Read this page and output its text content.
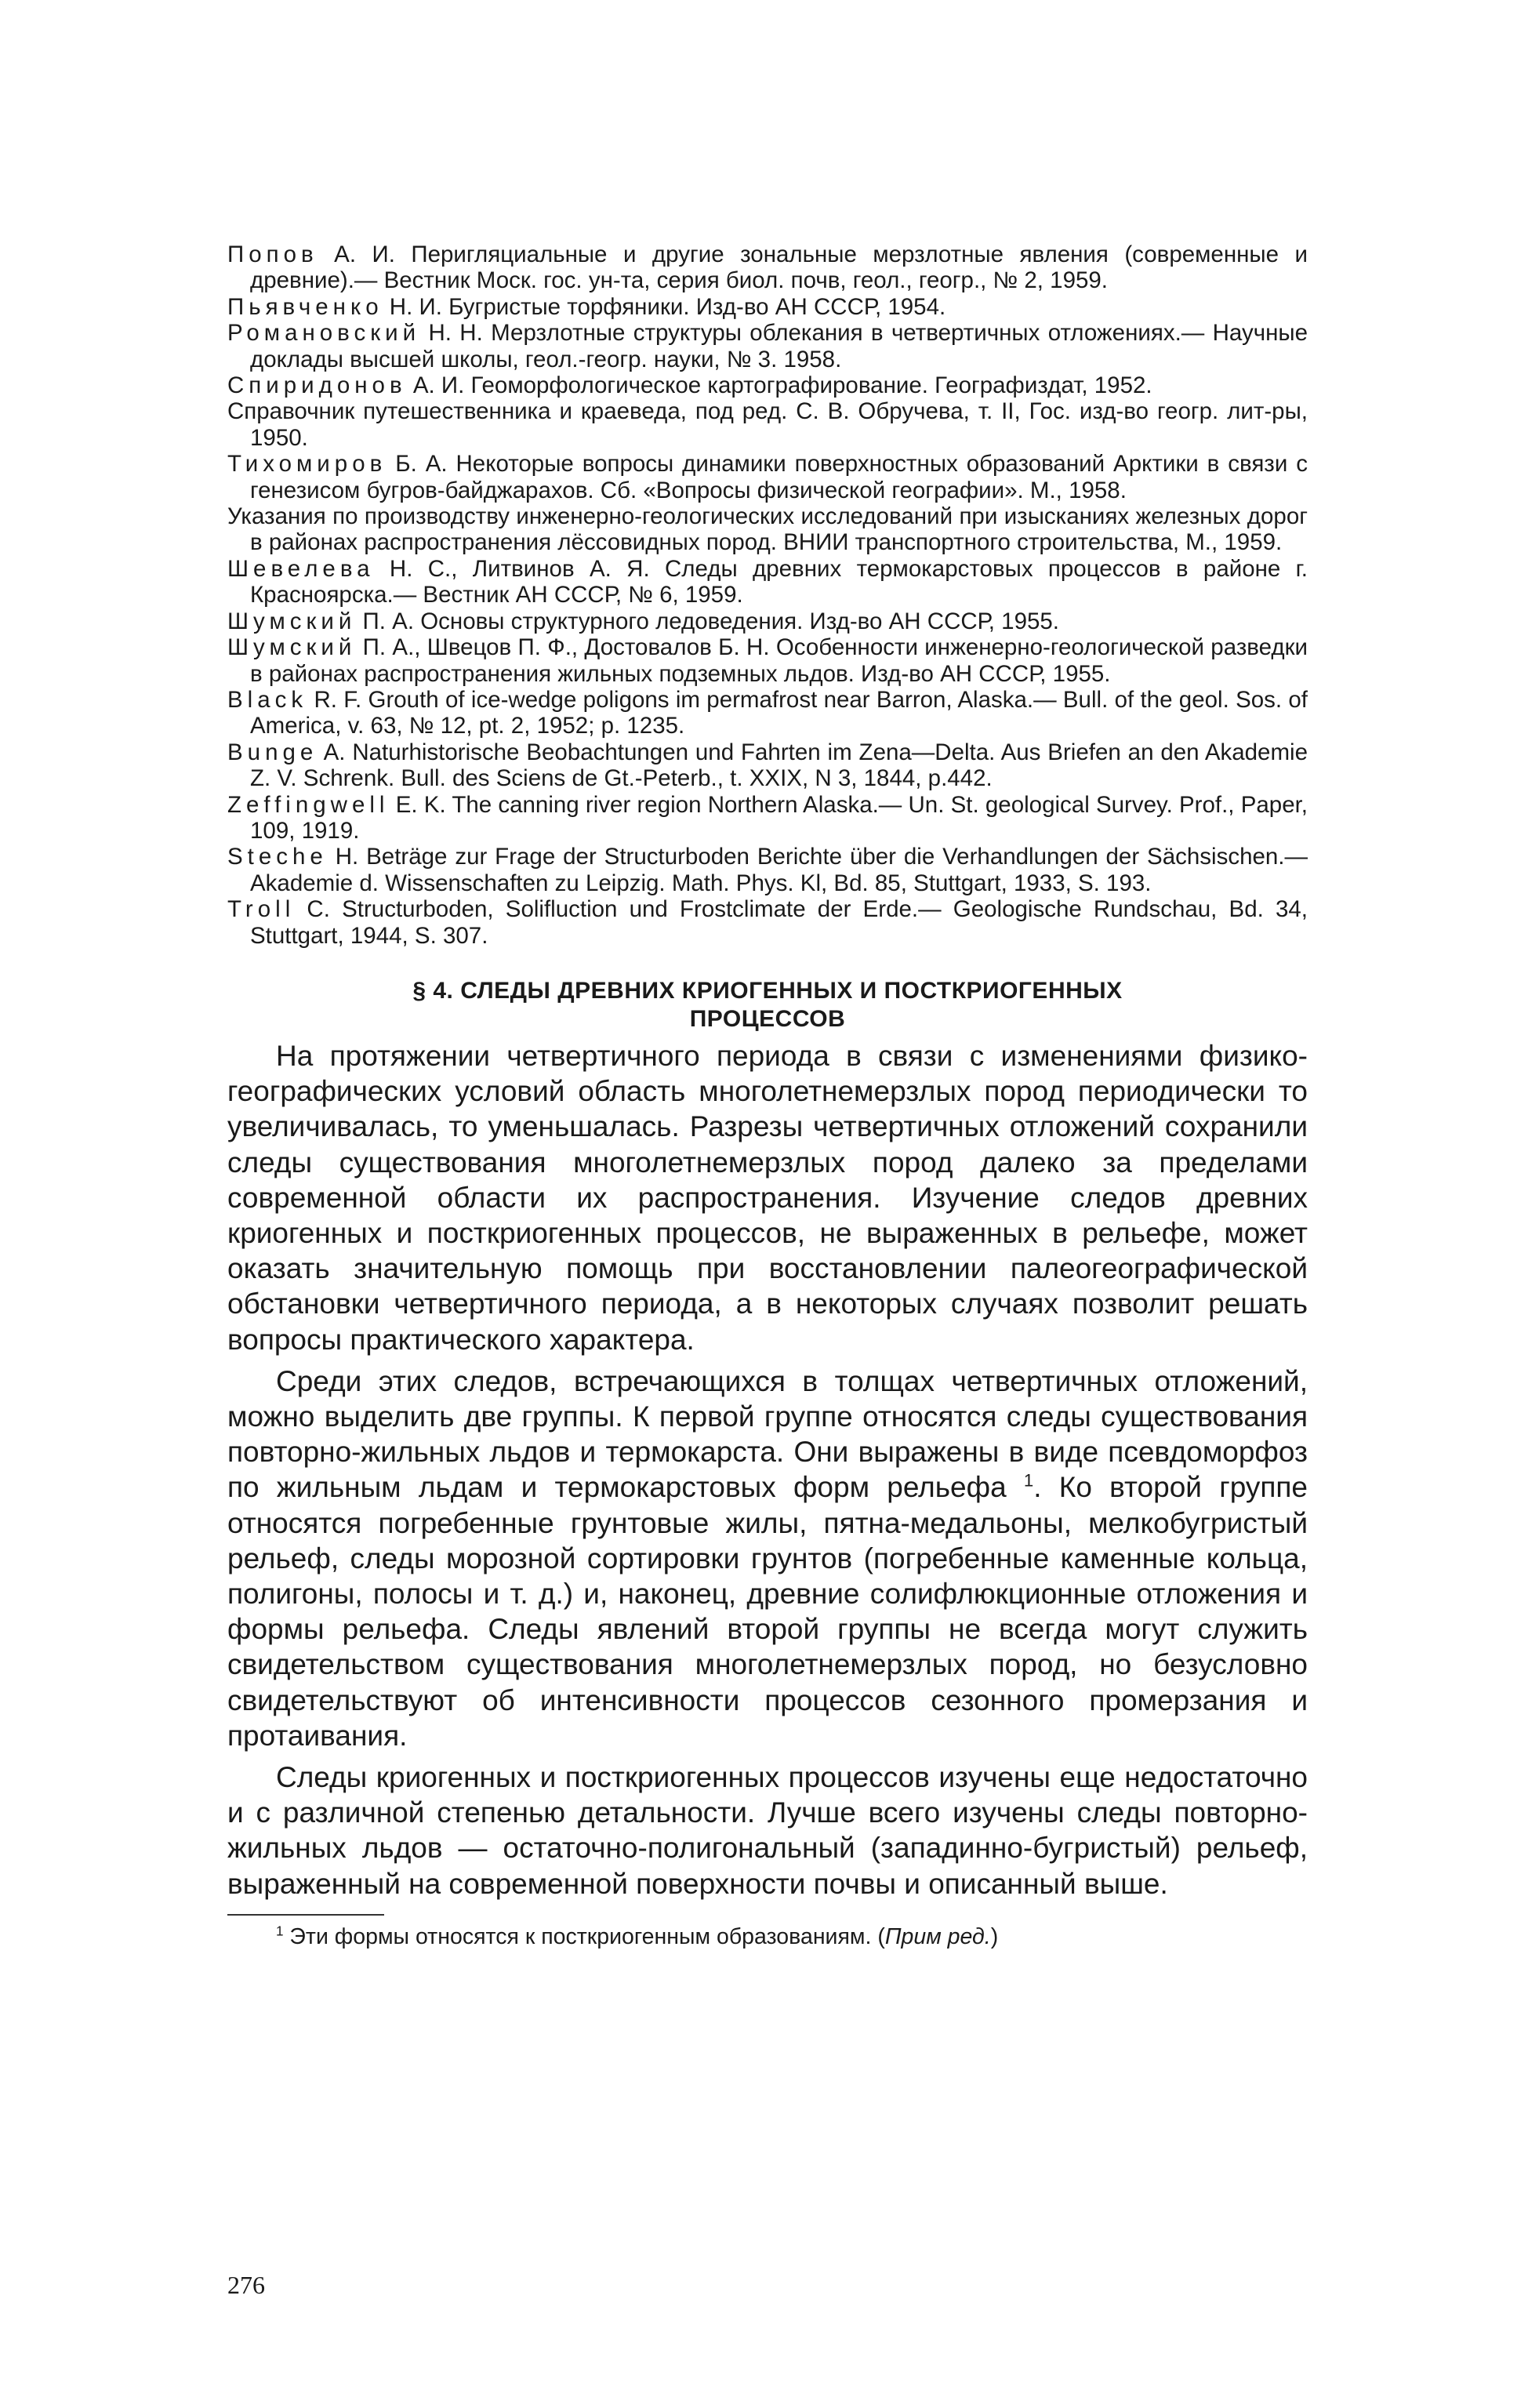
Попов А. И. Перигляциальные и другие зональные мерзлотные явления (современные и древние).— Вестник Моск. гос. ун-та, серия биол. почв, геол., геогр., № 2, 1959.

Пьявченко Н. И. Бугристые торфяники. Изд-во АН СССР, 1954.

Романовский Н. Н. Мерзлотные структуры облекания в четвертичных отложениях.— Научные доклады высшей школы, геол.-геогр. науки, № 3. 1958.

Спиридонов А. И. Геоморфологическое картографирование. Географиздат, 1952.

Справочник путешественника и краеведа, под ред. С. В. Обручева, т. II, Гос. изд-во геогр. лит-ры, 1950.

Тихомиров Б. А. Некоторые вопросы динамики поверхностных образований Арктики в связи с генезисом бугров-байджарахов. Сб. «Вопросы физической географии». М., 1958.

Указания по производству инженерно-геологических исследований при изысканиях железных дорог в районах распространения лёссовидных пород. ВНИИ транспортного строительства, М., 1959.

Шевелева Н. С., Литвинов А. Я. Следы древних термокарстовых процессов в районе г. Красноярска.— Вестник АН СССР, № 6, 1959.

Шумский П. А. Основы структурного ледоведения. Изд-во АН СССР, 1955.

Шумский П. А., Швецов П. Ф., Достовалов Б. Н. Особенности инженерно-геологической разведки в районах распространения жильных подземных льдов. Изд-во АН СССР, 1955.

Black R. F. Grouth of ice-wedge poligons im permafrost near Barron, Alaska.— Bull. of the geol. Sos. of America, v. 63, № 12, pt. 2, 1952; p. 1235.

Bunge A. Naturhistorische Beobachtungen und Fahrten im Zena—Delta. Aus Briefen an den Akademie Z. V. Schrenk. Bull. des Sciens de Gt.-Peterb., t. XXIX, N 3, 1844, p.442.

Zeffingwell E. K. The canning river region Northern Alaska.— Un. St. geological Survey. Prof., Paper, 109, 1919.

Steche H. Beträge zur Frage der Structurboden Berichte über die Verhandlungen der Sächsischen.— Akademie d. Wissenschaften zu Leipzig. Math. Phys. Kl, Bd. 85, Stuttgart, 1933, S. 193.

Troll C. Structurboden, Solifluction und Frostclimate der Erde.— Geologische Rundschau, Bd. 34, Stuttgart, 1944, S. 307.

§ 4. СЛЕДЫ ДРЕВНИХ КРИОГЕННЫХ И ПОСТКРИОГЕННЫХ
ПРОЦЕССОВ

На протяжении четвертичного периода в связи с изменениями физико-географических условий область многолетнемерзлых пород периодически то увеличивалась, то уменьшалась. Разрезы четвертичных отложений сохранили следы существования многолетнемерзлых пород далеко за пределами современной области их распространения. Изучение следов древних криогенных и посткриогенных процессов, не выраженных в рельефе, может оказать значительную помощь при восстановлении палеогеографической обстановки четвертичного периода, а в некоторых случаях позволит решать вопросы практического характера.

Среди этих следов, встречающихся в толщах четвертичных отложений, можно выделить две группы. К первой группе относятся следы существования повторно-жильных льдов и термокарста. Они выражены в виде псевдоморфоз по жильным льдам и термокарстовых форм рельефа $^1$. Ко второй группе относятся погребенные грунтовые жилы, пятна-медальоны, мелкобугристый рельеф, следы морозной сортировки грунтов (погребенные каменные кольца, полигоны, полосы и т. д.) и, наконец, древние солифлюкционные отложения и формы рельефа. Следы явлений второй группы не всегда могут служить свидетельством существования многолетнемерзлых пород, но безусловно свидетельствуют об интенсивности процессов сезонного промерзания и протаивания.

Следы криогенных и посткриогенных процессов изучены еще недостаточно и с различной степенью детальности. Лучше всего изучены следы повторно-жильных льдов — остаточно-полигональный (западинно-бугристый) рельеф, выраженный на современной поверхности почвы и описанный выше.

$^1$ Эти формы относятся к посткриогенным образованиям. (Прим ред.)

276
